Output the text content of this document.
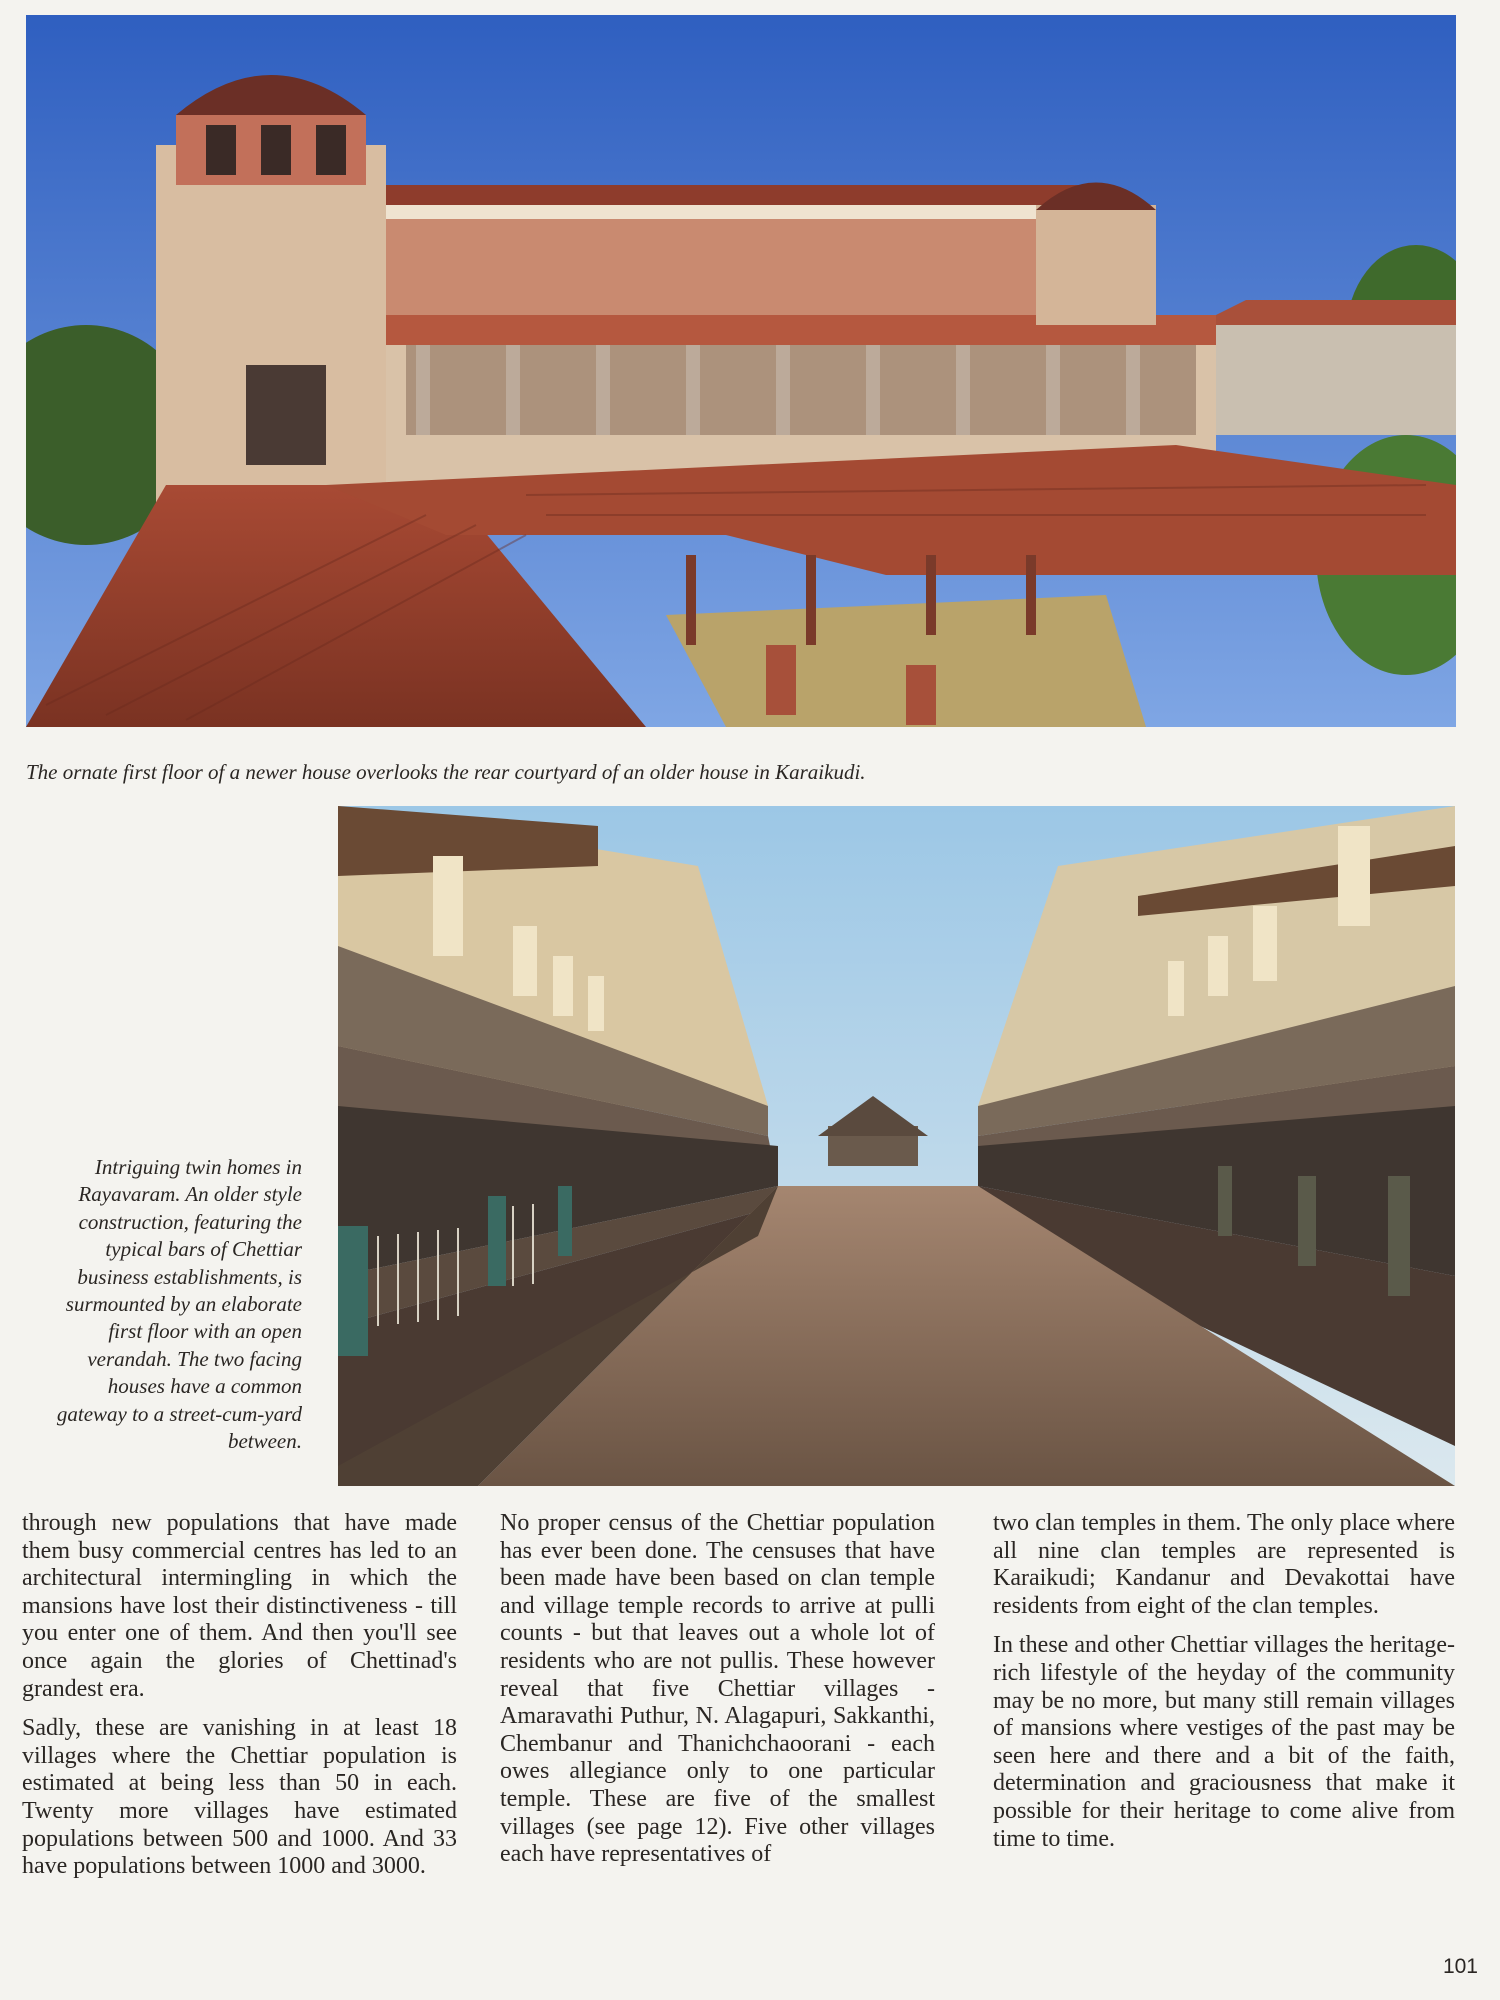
The ornate first floor of a newer house overlooks the rear courtyard of an older house in Karaikudi.
Intriguing twin homes in Rayavaram. An older style construction, featuring the typical bars of Chettiar business establishments, is surmounted by an elaborate first floor with an open verandah. The two facing houses have a common gateway to a street-cum-yard between.

through new populations that have made them busy commercial centres has led to an architectural intermingling in which the mansions have lost their distinctiveness - till you enter one of them. And then you'll see once again the glories of Chettinad's grandest era.

Sadly, these are vanishing in at least 18 villages where the Chettiar population is estimated at being less than 50 in each. Twenty more villages have estimated populations between 500 and 1000. And 33 have populations between 1000 and 3000.

No proper census of the Chettiar population has ever been done. The censuses that have been made have been based on clan temple and village temple records to arrive at pulli counts - but that leaves out a whole lot of residents who are not pullis. These however reveal that five Chettiar villages - Amaravathi Puthur, N. Alagapuri, Sakkanthi, Chembanur and Thanichchaoorani - each owes allegiance only to one particular temple. These are five of the smallest villages (see page 12). Five other villages each have representatives of

two clan temples in them. The only place where all nine clan temples are represented is Karaikudi; Kandanur and Devakottai have residents from eight of the clan temples.

In these and other Chettiar villages the heritage-rich lifestyle of the heyday of the community may be no more, but many still remain villages of mansions where vestiges of the past may be seen here and there and a bit of the faith, determination and graciousness that make it possible for their heritage to come alive from time to time.

101
